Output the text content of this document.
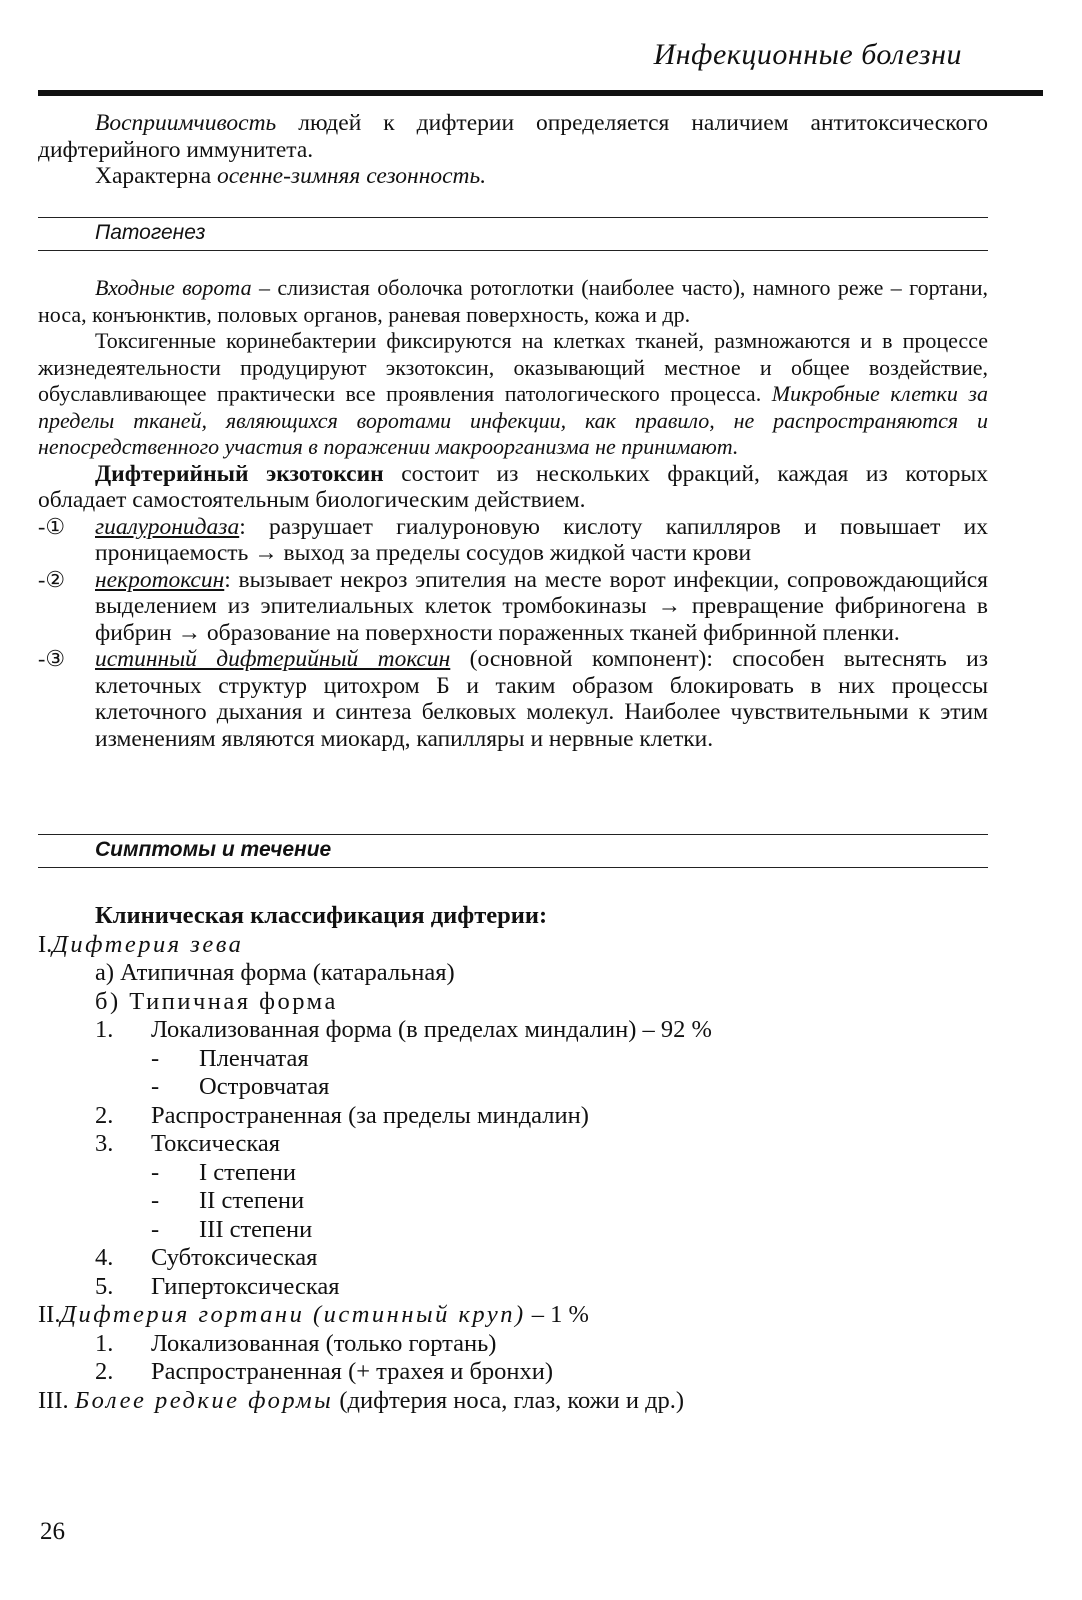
Инфекционные болезни

Восприимчивость людей к дифтерии определяется наличием антитоксического дифтерийного иммунитета.

Характерна осенне-зимняя сезонность.

Патогенез

Входные ворота – слизистая оболочка ротоглотки (наиболее часто), намного реже – гортани, носа, конъюнктив, половых органов, раневая поверхность, кожа и др.

Токсигенные коринебактерии фиксируются на клетках тканей, размножаются и в процессе жизнедеятельности продуцируют экзотоксин, оказывающий местное и общее воздействие, обуславливающее практически все проявления патологического процесса. Микробные клетки за пределы тканей, являющихся воротами инфекции, как правило, не распространяются и непосредственного участия в поражении макроорганизма не принимают.

Дифтерийный экзотоксин состоит из нескольких фракций, каждая из которых обладает самостоятельным биологическим действием.

-① гиалуронидаза: разрушает гиалуроновую кислоту капилляров и повышает их проницаемость → выход за пределы сосудов жидкой части крови

-② некротоксин: вызывает некроз эпителия на месте ворот инфекции, сопровождающийся выделением из эпителиальных клеток тромбокиназы → превращение фибриногена в фибрин → образование на поверхности пораженных тканей фибринной пленки.

-③ истинный дифтерийный токсин (основной компонент): способен вытеснять из клеточных структур цитохром Б и таким образом блокировать в них процессы клеточного дыхания и синтеза белковых молекул. Наиболее чувствительными к этим изменениям являются миокард, капилляры и нервные клетки.

Симптомы и течение
Клиническая классификация дифтерии:
I.Дифтерия зева
а) Атипичная форма (катаральная)
б) Типичная форма
1. Локализованная форма (в пределах миндалин) – 92 %
- Пленчатая
- Островчатая
2. Распространенная (за пределы миндалин)
3. Токсическая
- I степени
- II степени
- III степени
4. Субтоксическая
5. Гипертоксическая
II.Дифтерия гортани (истинный круп) – 1 %
1. Локализованная (только гортань)
2. Распространенная (+ трахея и бронхи)
III. Более редкие формы (дифтерия носа, глаз, кожи и др.)
26
